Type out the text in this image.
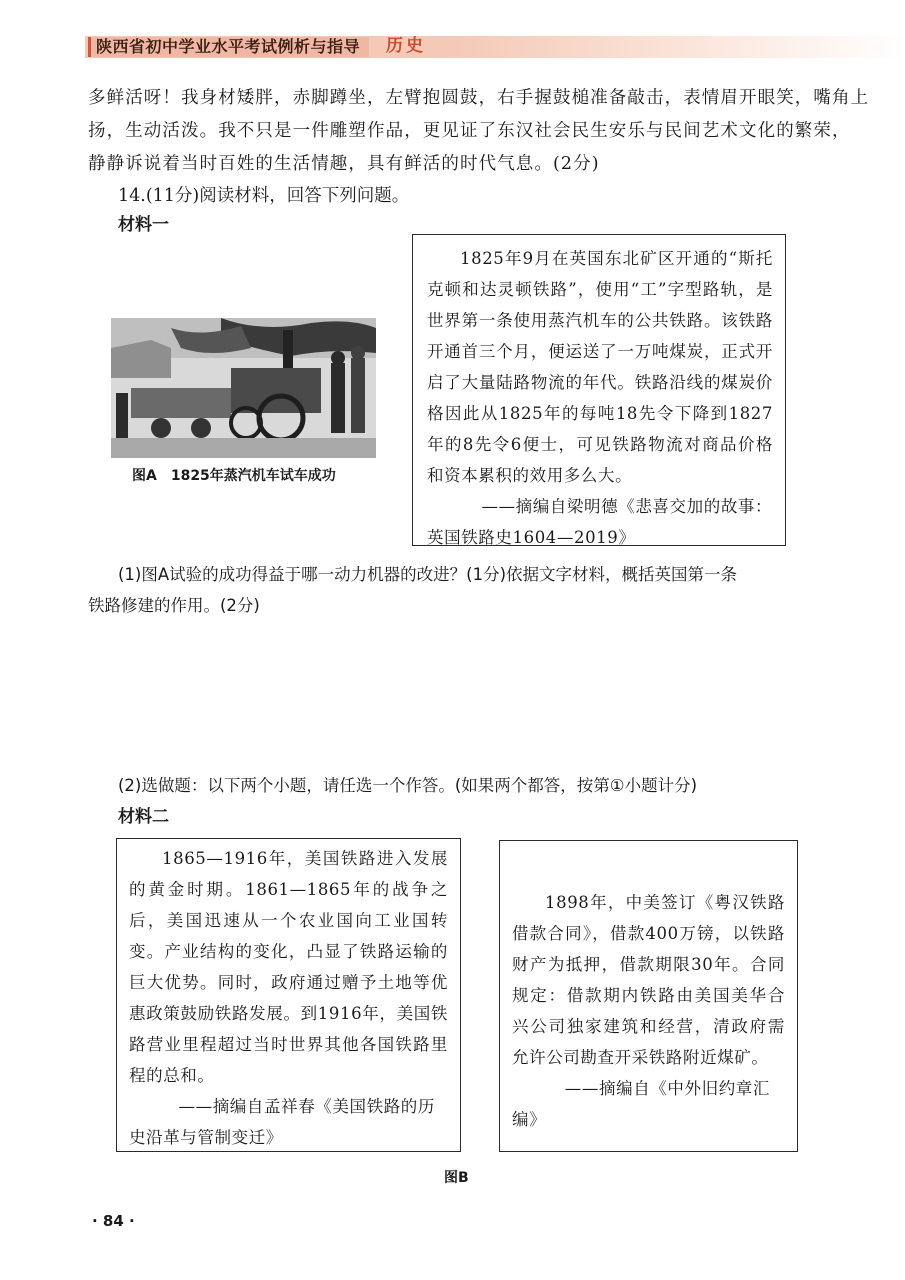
陕西省初中学业水平考试例析与指导 历史
多鲜活呀！我身材矮胖，赤脚蹲坐，左臂抱圆鼓，右手握鼓槌准备敲击，表情眉开眼笑，嘴角上
扬，生动活泼。我不只是一件雕塑作品，更见证了东汉社会民生安乐与民间艺术文化的繁荣，
静静诉说着当时百姓的生活情趣，具有鲜活的时代气息。(2分)
14.(11分)阅读材料，回答下列问题。
材料一
图A　1825年蒸汽机车试车成功
1825年9月在英国东北矿区开通的“斯托克顿和达灵顿铁路”，使用“工”字型路轨，是世界第一条使用蒸汽机车的公共铁路。该铁路开通首三个月，便运送了一万吨煤炭，正式开启了大量陆路物流的年代。铁路沿线的煤炭价格因此从1825年的每吨18先令下降到1827年的8先令6便士，可见铁路物流对商品价格和资本累积的效用多么大。
——摘编自梁明德《悲喜交加的故事：英国铁路史1604—2019》
(1)图A试验的成功得益于哪一动力机器的改进？(1分)依据文字材料，概括英国第一条
铁路修建的作用。(2分)
(2)选做题：以下两个小题，请任选一个作答。(如果两个都答，按第①小题计分)
材料二
1865—1916年，美国铁路进入发展的黄金时期。1861—1865年的战争之后，美国迅速从一个农业国向工业国转变。产业结构的变化，凸显了铁路运输的巨大优势。同时，政府通过赠予土地等优惠政策鼓励铁路发展。到1916年，美国铁路营业里程超过当时世界其他各国铁路里程的总和。
——摘编自孟祥春《美国铁路的历史沿革与管制变迁》
1898年，中美签订《粤汉铁路借款合同》，借款400万镑，以铁路财产为抵押，借款期限30年。合同规定：借款期内铁路由美国美华合兴公司独家建筑和经营，清政府需允许公司勘查开采铁路附近煤矿。
——摘编自《中外旧约章汇编》
图B
· 84 ·
